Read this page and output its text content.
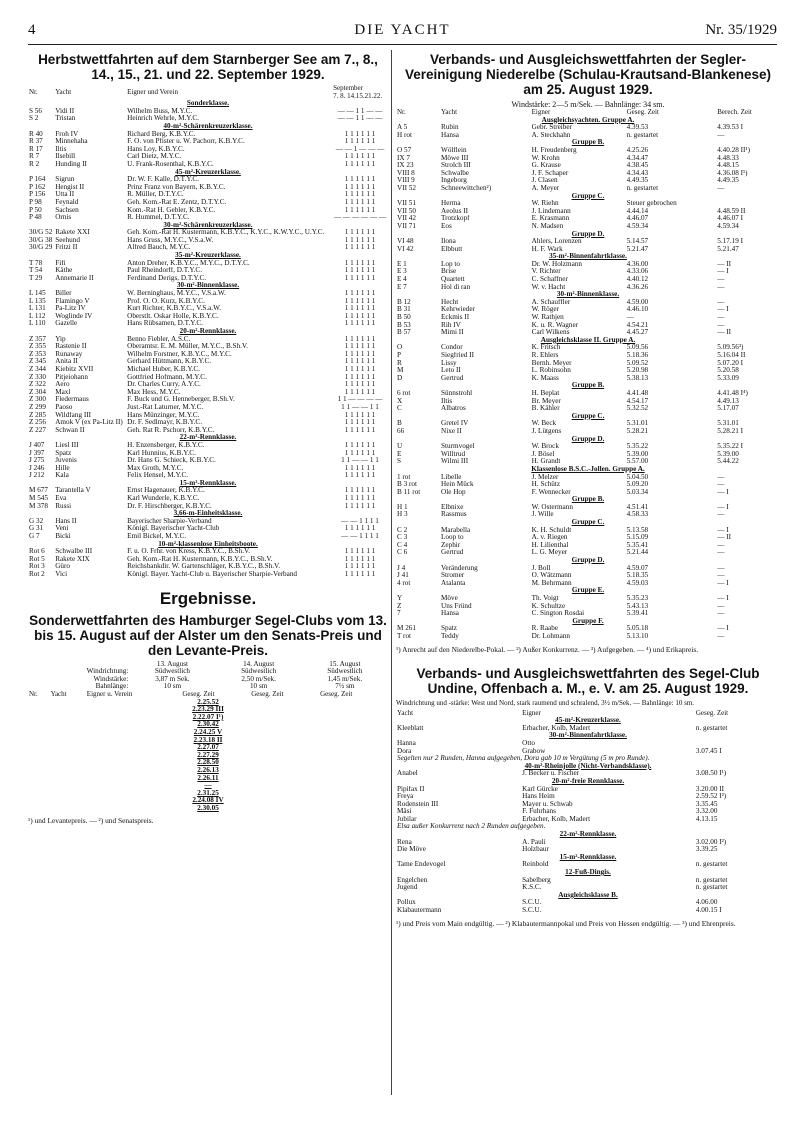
4	DIE YACHT	Nr. 35/1929
Herbstwettfahrten auf dem Starnberger See am 7., 8., 14., 15., 21. und 22. September 1929.
Nr.	Yacht	Eigner und Verein	September
7. 8. 14.15.21.22.
Sonderklasse.			
S 56	Vidi II	Wilhelm Buss, M.Y.C.	— — 1 1 — —
S 2	Tristan	Heinrich Wehrle, M.Y.C.	— — 1 1 — —
40-m²-Schärenkreuzerklasse.			
R 40	Froh IV	Richard Berg, K.B.Y.C.	1 1 1 1 1 1
R 37	Minnehaha	F. O. von Pfister u. W. Pachorr, K.B.Y.C.	1 1 1 1 1 1
R 17	Iltis	Hans Loy, K.B.Y.C.	— — 1 — — —
R 7	Ilsebill	Carl Dietz, M.Y.C.	1 1 1 1 1 1
R 2	Hunding II	U. Frank-Rosenthal, K.B.Y.C.	1 1 1 1 1 1
45-m²-Kreuzerklasse.			
P 164	Sigrun	Dr. W. F. Kalle, D.T.Y.C.	1 1 1 1 1 1
P 162	Hengist II	Prinz Franz von Bayern, K.B.Y.C.	1 1 1 1 1 1
P 156	Utta II	R. Müller, D.T.Y.C.	1 1 1 1 1 1
P 98	Feynald	Geh. Kom.-Rat E. Zentz, D.T.Y.C.	1 1 1 1 1 1
P 50	Sachsen	Kom.-Rat H. Gebler, K.B.Y.C.	1 1 1 1 1 1
P 48	Ornis	R. Hummel, D.T.Y.C.	— — — — — —
30-m²-Schärenkreuzerklasse.			
30/G 52	Rakete XXI	Geh. Kom.-Rat H. Kustermann, K.B.Y.C., K.Y.C., K.W.Y.C., U.Y.C.	1 1 1 1 1 1
30/G 38	Seehund	Hans Gruss, M.Y.C., V.S.a.W.	1 1 1 1 1 1
30/G 29	Fritzi II	Alfred Bauch, M.Y.C.	1 1 1 1 1 1
35-m²-Kreuzerklasse.			
T 78	Fifi	Anton Dreher, K.B.Y.C., M.Y.C., D.T.Y.C.	1 1 1 1 1 1
T 54	Käthe	Paul Rheindorff, D.T.Y.C.	1 1 1 1 1 1
T 29	Annemarie II	Ferdinand Derigs, D.T.Y.C.	1 1 1 1 1 1
30-m²-Binnenklasse.			
L 145	Biller	W. Berninghaus, M.Y.C., V.S.a.W.	1 1 1 1 1 1
L 135	Flamingo V	Prof. O. O. Kurz, K.B.Y.C.	1 1 1 1 1 1
L 131	Pa-Litz IV	Kurt Richter, K.B.Y.C., V.S.a.W.	1 1 1 1 1 1
L 112	Woglinde IV	Oberstlt. Oskar Holle, K.B.Y.C.	1 1 1 1 1 1
L 110	Gazelle	Hans Rübsamen, D.T.Y.C.	1 1 1 1 1 1
20-m²-Rennklasse.			
Z 357	Yip	Benno Fiebler, A.S.C.	1 1 1 1 1 1
Z 355	Rastenie II	Oberamtsr. E. M. Müller, M.Y.C., B.Sh.V.	1 1 1 1 1 1
Z 353	Runaway	Wilhelm Forstner, K.B.Y.C., M.Y.C.	1 1 1 1 1 1
Z 345	Anita II	Gerhard Hüttmann, K.B.Y.C.	1 1 1 1 1 1
Z 344	Kiebitz XVII	Michael Huber, K.B.Y.C.	1 1 1 1 1 1
Z 330	Pitjeiohann	Gottfried Hofmann, M.Y.C.	1 1 1 1 1 1
Z 322	Aero	Dr. Charles Curry, A.Y.C.	1 1 1 1 1 1
Z 304	Maxl	Max Hess, M.Y.C.	1 1 1 1 1 1
Z 300	Fledermaus	F. Buck und G. Henneberger, B.Sh.V.	1 1 — — — —
Z 299	Paoso	Just.-Rat Laturner, M.Y.C.	1 1 — — 1 1
Z 285	Wildfang III	Hans Münzinger, M.Y.C.	1 1 1 1 1 1
Z 256	Amok V (ex Pa-Litz II)	Dr. F. Sedlmayr, K.B.Y.C.	1 1 1 1 1 1
Z 227	Schwan II	Geh. Rat R. Pschorr, K.B.Y.C.	1 1 1 1 1 1
22-m²-Rennklasse.			
J 407	Liesl III	H. Enzensberger, K.B.Y.C.	1 1 1 1 1 1
J 397	Spatz	Karl Hunnius, K.B.Y.C.	1 1 1 1 1 1
J 275	Juvenis	Dr. Hans G. Schieck, K.B.Y.C.	1 1 — — 1 1
J 246	Hille	Max Groth, M.Y.C.	1 1 1 1 1 1
J 212	Kala	Felix Hensel, M.Y.C.	1 1 1 1 1 1
15-m²-Rennklasse.			
M 677	Tarantella V	Ernst Hagenauer, K.B.Y.C.	1 1 1 1 1 1
M 545	Eva	Karl Wunderle, K.B.Y.C.	1 1 1 1 1 1
M 378	Russi	Dr. F. Hirschberger, K.B.Y.C.	1 1 1 1 1 1
3,66-m-Einheitsklasse.			
G 32	Hans II	Bayerischer Sharpie-Verband	— — 1 1 1 1
G 31	Veni	Königl. Bayerischer Yacht-Club	1 1 1 1 1 1
G 7	Bicki	Emil Bickel, M.Y.C.	— — 1 1 1 1
10-m²-klassenlose Einheitsboote.			
Rot 6	Schwalbe III	F. u. O. Frhr. von Kress, K.B.Y.C., B.Sh.V.	1 1 1 1 1 1
Rot 5	Rakete XIX	Geh. Kom.-Rat H. Kustermann, K.B.Y.C., B.Sh.V.	1 1 1 1 1 1
Rot 3	Güro	Reichsbankdir. W. Gartenschläger, K.B.Y.C., B.Sh.V.	1 1 1 1 1 1
Rot 2	Vici	Königl. Bayer. Yacht-Club u. Bayerischer Sharpie-Verband	1 1 1 1 1 1
Ergebnisse.
Sonderwettfahrten des Hamburger Segel-Clubs vom 13. bis 15. August auf der Alster um den Senats-Preis und den Levante-Preis.
	13. August	14. August	15. August
Windrichtung:	Südwestlich	Südwestlich	Südwestlich
Windstärke:	3,87 m Sek.	2,50 m/Sek.	1,45 m/Sek.
Bahnlänge:	10 sm	10 sm	7½ sm
Nr.	Yacht	Eigner u. Verein	Geseg. Zeit	Geseg. Zeit	Geseg. Zeit
2.25.52
2.23.29 III
2.22.07 I¹)
2.30.42
2.24.25 V
2.23.18 II
2.27.07
2.27.29
2.28.50
2.26.13
2.26.11
—
2.31.25
2.24.08 IV
2.30.05
¹) und Levantepreis. — ²) und Senatspreis.
Verbands- und Ausgleichswettfahrten der Segler-Vereinigung Niederelbe (Schulau-Krautsand-Blankenese) am 25. August 1929.
Windstärke: 2—5 m/Sek. — Bahnlänge: 34 sm.
Nr.	Yacht	Eigner	Geseg. Zeit	Berech. Zeit
Ausgleichsyachten. Gruppe A.				
A 5	Rubin	Gebr. Streiber	4.39.53	4.39.53 I
H rot	Hansa	A. Steckhahn	n. gestartet	—
Gruppe B.				
O 57	Wölflein	H. Freudenberg	4.25.26	4.40.28 II¹)
IX 7	Möwe III	W. Krohn	4.34.47	4.48.33
IX 23	Strolch III	G. Krause	4.38.45	4.48.15
VIII 8	Schwalbe	J. F. Schaper	4.34.43	4.36.08 I¹)
VIII 9	Ingeborg	J. Clasen	4.49.35	4.49.35
VII 52	Schneewittchen²)	A. Meyer	n. gestartet	—
Gruppe C.				
VII 51	Herma	W. Riehn	Steuer gebrochen	
VII 50	Aeolus II	J. Lindemann	4.44.14	4.48.59 II
VII 42	Trotzkopf	E. Krasmann	4.46.07	4.46.07 I
VII 71	Eos	N. Madsen	4.59.34	4.59.34
Gruppe D.				
VI 48	Ilona	Ahlers, Lorenzen	5.14.57	5.17.19 I
VI 42	Elbbutt	H. F. Wark	5.21.47	5.21.47
35-m²-Binnenfahrtklasse.				
E 1	Lop to	Dr. W. Holzmann	4.36.00	— II
E 3	Brise	V. Richter	4.33.06	— I
E 4	Quartett	C. Schaffner	4.40.12	—
E 7	Hol di ran	W. v. Hacht	4.36.26	—
30-m²-Binnenklasse.				
B 12	Hecht	A. Schauffler	4.59.00	—
B 31	Kehrwieder	W. Röger	4.46.10	— I
B 50	Eckmis II	W. Rathjen	—	—
B 53	Rih IV	K. u. R. Wagner	4.54.21	—
B 57	Mimi II	Carl Wilkens	4.45.27	— II
Ausgleichsklasse II. Gruppe A.				
O	Condor	K. Fritsch	5.09.56	5.09.56³)
P	Siegfried II	R. Ehlers	5.18.36	5.16.04 II
R	Lissy	Bernh. Meyer	5.09.52	5.07.20 I
M	Leto II	L. Robinsohn	5.20.98	5.20.58
D	Gertrud	K. Maass	5.38.13	5.33.09
Gruppe B.				
6 rot	Sünnstrohl	H. Beplat	4.41.48	4.41.48 I⁴)
X	Iltis	Br. Meyer	4.54.17	4.49.13
C	Albatros	B. Kähler	5.32.52	5.17.07
Gruppe C.				
B	Gretel IV	W. Beck	5.31.01	5.31.01
66	Nixe II	J. Lütgens	5.28.21	5.28.21 I
Gruppe D.				
U	Sturmvogel	W. Brock	5.35.22	5.35.22 I
E	Willtrud	J. Bösel	5.39.00	5.39.00
S	Wilmi III	H. Grandt	5.57.00	5.44.22
Klassenlose B.S.C.-Jollen. Gruppe A.				
1 rot	Libelle	J. Melzer	5.04.50	—
B 3 rot	Hein Mück	H. Schütz	5.09.20	—
B 11 rot	Ole Hop	F. Wennecker	5.03.34	— I
Gruppe B.				
H 1	Elbnixe	W. Ostermann	4.51.41	— I
H 3	Rassmus	J. Wille	4.58.33	—
Gruppe C.				
C 2	Marabella	K. H. Schuldt	5.13.58	— I
C 3	Loop to	A. v. Riegen	5.15.09	— II
C 4	Zephir	H. Lilienthal	5.35.41	—
C 6	Gertrud	L. G. Meyer	5.21.44	—
Gruppe D.				
J 4	Veränderung	J. Boll	4.59.07	—
J 41	Stromer	O. Wätzmann	5.18.35	—
4 rot	Atalanta	M. Behrmann	4.59.03	— I
Gruppe E.				
Y	Möve	Th. Voigt	5.35.23	— I
Z	Uns Fründ	K. Schultze	5.43.13	—
7	Hansa	C. Sington Rosdai	5.39.41	—
Gruppe F.				
M 261	Spatz	R. Raabe	5.05.18	— I
T rot	Teddy	Dr. Lohmann	5.13.10	—
¹) Anrecht auf den Niederelbe-Pokal. — ²) Außer Konkurrenz. — ³) Aufgegeben. — ⁴) und Erikapreis.
Verbands- und Ausgleichswettfahrten des Segel-Club Undine, Offenbach a. M., e. V. am 25. August 1929.
Windrichtung und -stärke: West und Nord, stark raumend und schralend, 3½ m/Sek. — Bahnlänge: 10 sm.
Yacht	Eigner	Geseg. Zeit
45-m²-Kreuzerklasse.		
Kleeblatt	Erbacher, Kolb, Madert	n. gestartet
30-m²-Binnenfahrtklasse.		
Hanna	Otto	
Dora	Grabow	3.07.45 I
Segelten nur 2 Runden, Hanna aufgegeben, Dora gab 10 m Vergütung (5 m pro Runde).		
40-m²-Rheinjolle (Nicht-Verbandsklasse).		
Anabel	J. Becker u. Fischer	3.08.50 I¹)
20-m²-freie Rennklasse.		
Pipifax II	Karl Gürcke	3.20.00 II
Freya	Hans Heim	2.59.52 I²)
Rodenstein III	Mayer u. Schwab	3.35.45
Mäsi	F. Fuhrhans	3.32.00
Jubilar	Erbacher, Kolb, Madert	4.13.15
Elsa außer Konkurrenz nach 2 Runden aufgegeben.		
22-m²-Rennklasse.		
Rena	A. Pauli	3.02.00 I²)
Die Möve	Holzbaur	3.39.25
15-m²-Rennklasse.		
Tame Endevogel	Reinbold	n. gestartet
12-Fuß-Dingis.		
Engelchen	Sabelberg	n. gestartet
Jugend	K.S.C.	n. gestartet
Ausgleichsklasse B.		
Pollux	S.C.U.	4.06.00
Klabautermann	S.C.U.	4.00.15 I
¹) und Preis vom Main endgültig. — ²) Klabautermannpokal und Preis von Hessen endgültig. — ³) und Ehrenpreis.
